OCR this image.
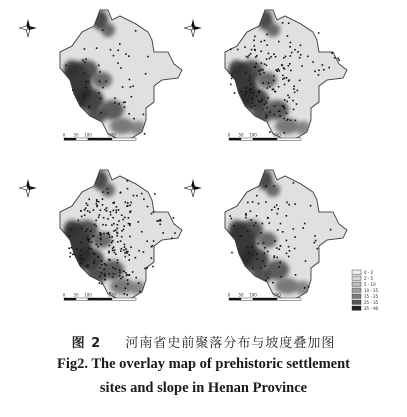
0 50 100	200	0 50 100	200
0 50 100	200	0 50 100	200
0 - 2
2 - 5
5 - 10
10 - 15
15 - 25
25 - 35
35 - 90
图 2 河南省史前聚落分布与坡度叠加图
Fig2. The overlay map of prehistoric settlement
sites and slope in Henan Province
